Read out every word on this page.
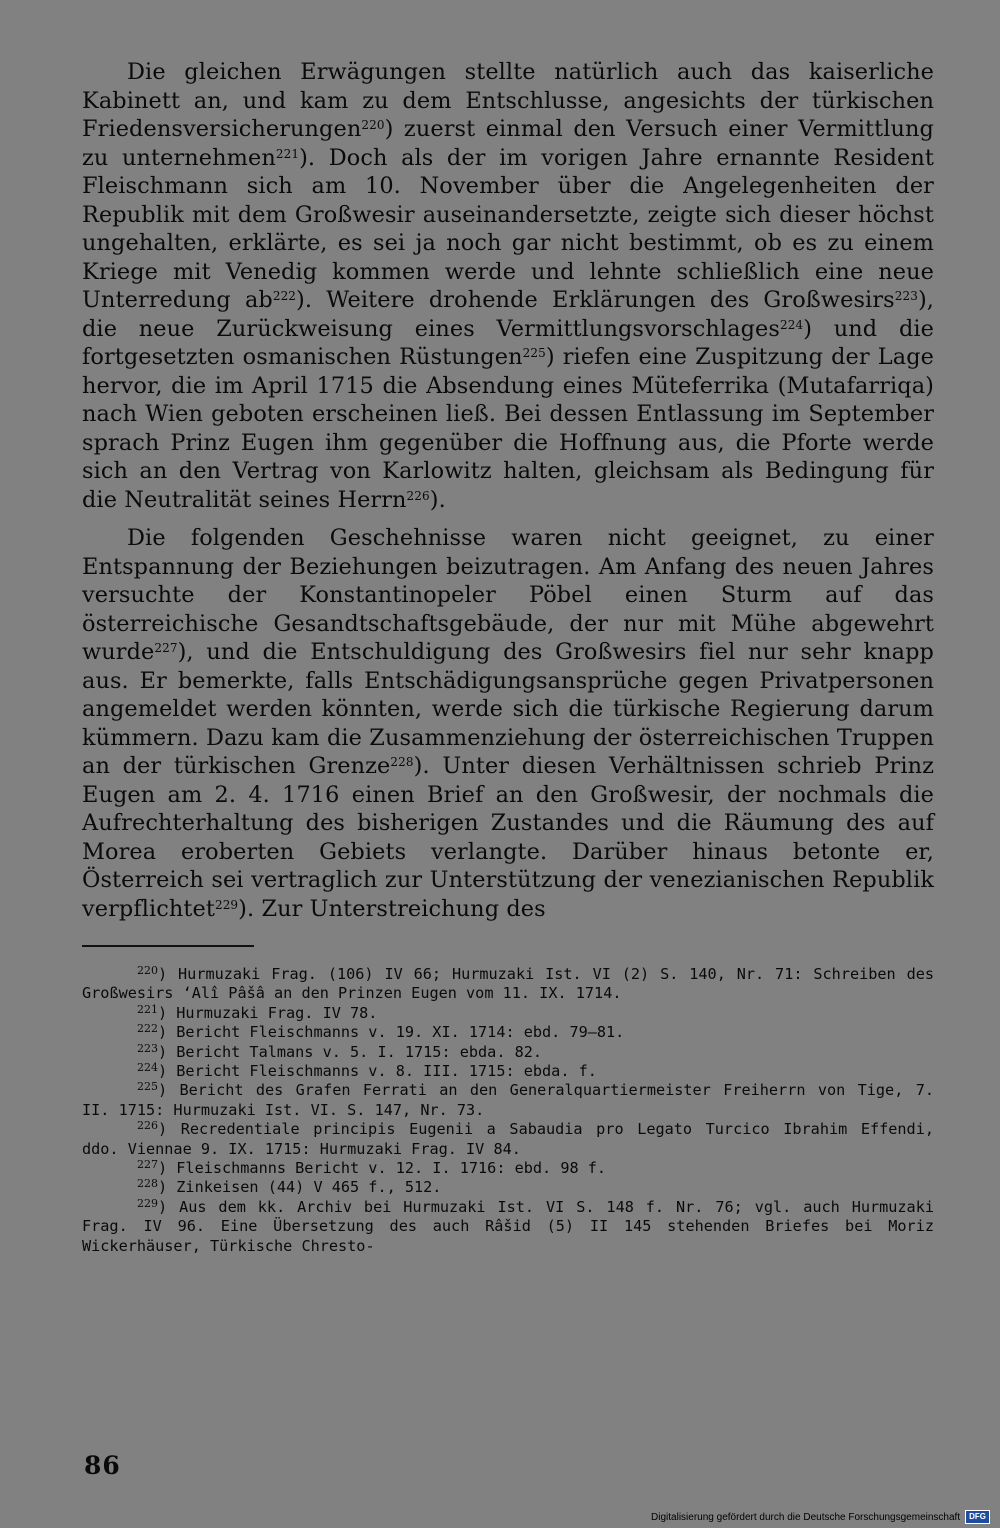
Die gleichen Erwägungen stellte natürlich auch das kaiserliche Kabinett an, und kam zu dem Entschlusse, angesichts der türkischen Friedensversicherungen$^{220}$) zuerst einmal den Versuch einer Vermittlung zu unternehmen$^{221}$). Doch als der im vorigen Jahre ernannte Resident Fleischmann sich am 10. November über die Angelegenheiten der Republik mit dem Großwesir auseinandersetzte, zeigte sich dieser höchst ungehalten, erklärte, es sei ja noch gar nicht bestimmt, ob es zu einem Kriege mit Venedig kommen werde und lehnte schließlich eine neue Unterredung $ab^{222}$). Weitere drohende Erklärungen des Großwesirs$^{223}$), die neue Zurückweisung eines Vermittlungsvorschlages$^{224}$) und die fortgesetzten osmanischen Rüstungen$^{225}$) riefen eine Zuspitzung der Lage hervor, die im April 1715 die Absendung eines Müteferrika (Mutafarriqa) nach Wien geboten erscheinen ließ. Bei dessen Entlassung im September sprach Prinz Eugen ihm gegenüber die Hoffnung aus, die Pforte werde sich an den Vertrag von Karlowitz halten, gleichsam als Bedingung für die Neutralität seines Herrn$^{226}$).

Die folgenden Geschehnisse waren nicht geeignet, zu einer Entspannung der Beziehungen beizutragen. Am Anfang des neuen Jahres versuchte der Konstantinopeler Pöbel einen Sturm auf das österreichische Gesandtschaftsgebäude, der nur mit Mühe abgewehrt wurde$^{227}$), und die Entschuldigung des Großwesirs fiel nur sehr knapp aus. Er bemerkte, falls Entschädigungsansprüche gegen Privatpersonen angemeldet werden könnten, werde sich die türkische Regierung darum kümmern. Dazu kam die Zusammenziehung der österreichischen Truppen an der türkischen Grenze$^{228}$). Unter diesen Verhältnissen schrieb Prinz Eugen am 2. 4. 1716 einen Brief an den Großwesir, der nochmals die Aufrechterhaltung des bisherigen Zustandes und die Räumung des auf Morea eroberten Gebiets verlangte. Darüber hinaus betonte er, Österreich sei vertraglich zur Unterstützung der venezianischen Republik verpflichtet$^{229}$). Zur Unterstreichung des

$^{220}$) Hurmuzaki Frag. (106) IV 66; Hurmuzaki Ist. VI (2) S. 140, Nr. 71: Schreiben des Großwesirs ‘Alî Pâšâ an den Prinzen Eugen vom 11. IX. 1714.

$^{221}$) Hurmuzaki Frag. IV 78.

$^{222}$) Bericht Fleischmanns v. 19. XI. 1714: ebd. 79—81.

$^{223}$) Bericht Talmans v. 5. I. 1715: ebda. 82.

$^{224}$) Bericht Fleischmanns v. 8. III. 1715: ebda. f.

$^{225}$) Bericht des Grafen Ferrati an den Generalquartiermeister Freiherrn von Tige, 7. II. 1715: Hurmuzaki Ist. VI. S. 147, Nr. 73.

$^{226}$) Recredentiale principis Eugenii a Sabaudia pro Legato Turcico Ibrahim Effendi, ddo. Viennae 9. IX. 1715: Hurmuzaki Frag. IV 84.

$^{227}$) Fleischmanns Bericht v. 12. I. 1716: ebd. 98 f.

$^{228}$) Zinkeisen (44) V 465 f., 512.

$^{229}$) Aus dem kk. Archiv bei Hurmuzaki Ist. VI S. 148 f. Nr. 76; vgl. auch Hurmuzaki Frag. IV 96. Eine Übersetzung des auch Râšid (5) II 145 stehenden Briefes bei Moriz Wickerhäuser, Türkische Chresto-

86
Digitalisierung gefördert durch die Deutsche Forschungsgemeinschaft	DFG
